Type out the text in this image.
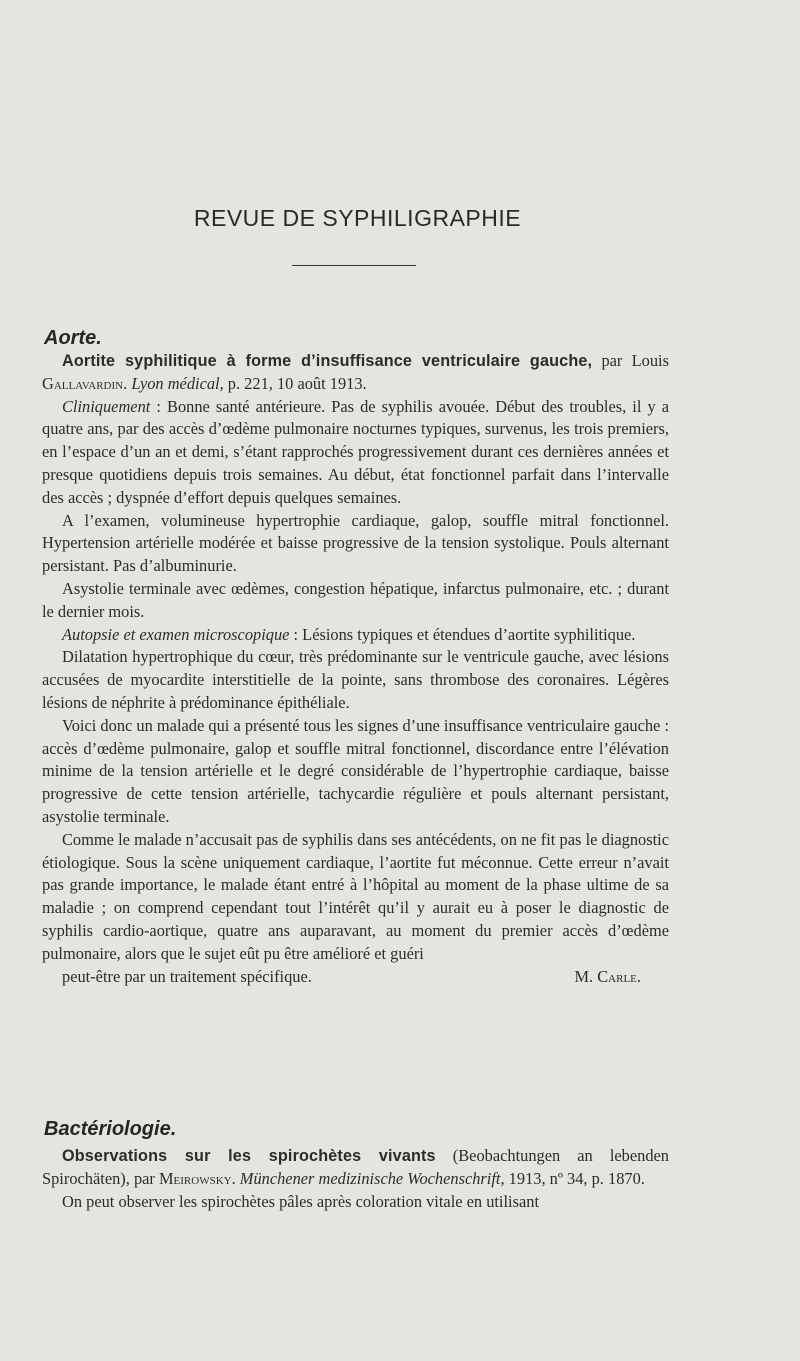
REVUE DE SYPHILIGRAPHIE
Aorte.

Aortite syphilitique à forme d’insuffisance ventriculaire gauche, par Louis Gallavardin. Lyon médical, p. 221, 10 août 1913.

Cliniquement : Bonne santé antérieure. Pas de syphilis avouée. Début des troubles, il y a quatre ans, par des accès d’œdème pulmonaire nocturnes typiques, survenus, les trois premiers, en l’espace d’un an et demi, s’étant rapprochés progressivement durant ces dernières années et presque quotidiens depuis trois semaines. Au début, état fonctionnel parfait dans l’intervalle des accès ; dyspnée d’effort depuis quelques semaines.

A l’examen, volumineuse hypertrophie cardiaque, galop, souffle mitral fonctionnel. Hypertension artérielle modérée et baisse progressive de la tension systolique. Pouls alternant persistant. Pas d’albuminurie.

Asystolie terminale avec œdèmes, congestion hépatique, infarctus pulmonaire, etc. ; durant le dernier mois.

Autopsie et examen microscopique : Lésions typiques et étendues d’aortite syphilitique.

Dilatation hypertrophique du cœur, très prédominante sur le ventricule gauche, avec lésions accusées de myocardite interstitielle de la pointe, sans thrombose des coronaires. Légères lésions de néphrite à prédominance épithéliale.

Voici donc un malade qui a présenté tous les signes d’une insuffisance ventriculaire gauche : accès d’œdème pulmonaire, galop et souffle mitral fonctionnel, discordance entre l’élévation minime de la tension artérielle et le degré considérable de l’hypertrophie cardiaque, baisse progressive de cette tension artérielle, tachycardie régulière et pouls alternant persistant, asystolie terminale.

Comme le malade n’accusait pas de syphilis dans ses antécédents, on ne fit pas le diagnostic étiologique. Sous la scène uniquement cardiaque, l’aortite fut méconnue. Cette erreur n’avait pas grande importance, le malade étant entré à l’hôpital au moment de la phase ultime de sa maladie ; on comprend cependant tout l’intérêt qu’il y aurait eu à poser le diagnostic de syphilis cardio-aortique, quatre ans auparavant, au moment du premier accès d’œdème pulmonaire, alors que le sujet eût pu être amélioré et guéri

peut-être par un traitement spécifique.	M. Carle.

Bactériologie.

Observations sur les spirochètes vivants (Beobachtungen an lebenden Spirochäten), par Meirowsky. Münchener medizinische Wochenschrift, 1913, nº 34, p. 1870.

On peut observer les spirochètes pâles après coloration vitale en utilisant
